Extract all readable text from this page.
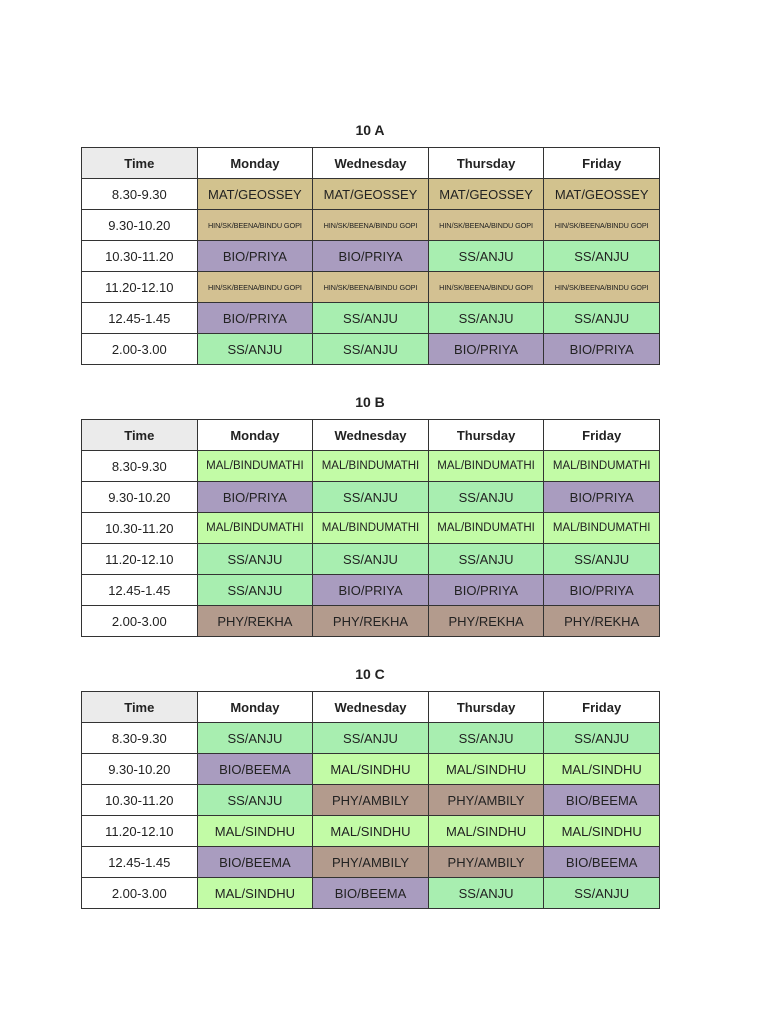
10 A
Time	Monday	Wednesday	Thursday	Friday
8.30-9.30	MAT/GEOSSEY	MAT/GEOSSEY	MAT/GEOSSEY	MAT/GEOSSEY
9.30-10.20	HIN/SK/BEENA/BINDU GOPI	HIN/SK/BEENA/BINDU GOPI	HIN/SK/BEENA/BINDU GOPI	HIN/SK/BEENA/BINDU GOPI
10.30-11.20	BIO/PRIYA	BIO/PRIYA	SS/ANJU	SS/ANJU
11.20-12.10	HIN/SK/BEENA/BINDU GOPI	HIN/SK/BEENA/BINDU GOPI	HIN/SK/BEENA/BINDU GOPI	HIN/SK/BEENA/BINDU GOPI
12.45-1.45	BIO/PRIYA	SS/ANJU	SS/ANJU	SS/ANJU
2.00-3.00	SS/ANJU	SS/ANJU	BIO/PRIYA	BIO/PRIYA
10 B
Time	Monday	Wednesday	Thursday	Friday
8.30-9.30	MAL/BINDUMATHI	MAL/BINDUMATHI	MAL/BINDUMATHI	MAL/BINDUMATHI
9.30-10.20	BIO/PRIYA	SS/ANJU	SS/ANJU	BIO/PRIYA
10.30-11.20	MAL/BINDUMATHI	MAL/BINDUMATHI	MAL/BINDUMATHI	MAL/BINDUMATHI
11.20-12.10	SS/ANJU	SS/ANJU	SS/ANJU	SS/ANJU
12.45-1.45	SS/ANJU	BIO/PRIYA	BIO/PRIYA	BIO/PRIYA
2.00-3.00	PHY/REKHA	PHY/REKHA	PHY/REKHA	PHY/REKHA
10 C
Time	Monday	Wednesday	Thursday	Friday
8.30-9.30	SS/ANJU	SS/ANJU	SS/ANJU	SS/ANJU
9.30-10.20	BIO/BEEMA	MAL/SINDHU	MAL/SINDHU	MAL/SINDHU
10.30-11.20	SS/ANJU	PHY/AMBILY	PHY/AMBILY	BIO/BEEMA
11.20-12.10	MAL/SINDHU	MAL/SINDHU	MAL/SINDHU	MAL/SINDHU
12.45-1.45	BIO/BEEMA	PHY/AMBILY	PHY/AMBILY	BIO/BEEMA
2.00-3.00	MAL/SINDHU	BIO/BEEMA	SS/ANJU	SS/ANJU
